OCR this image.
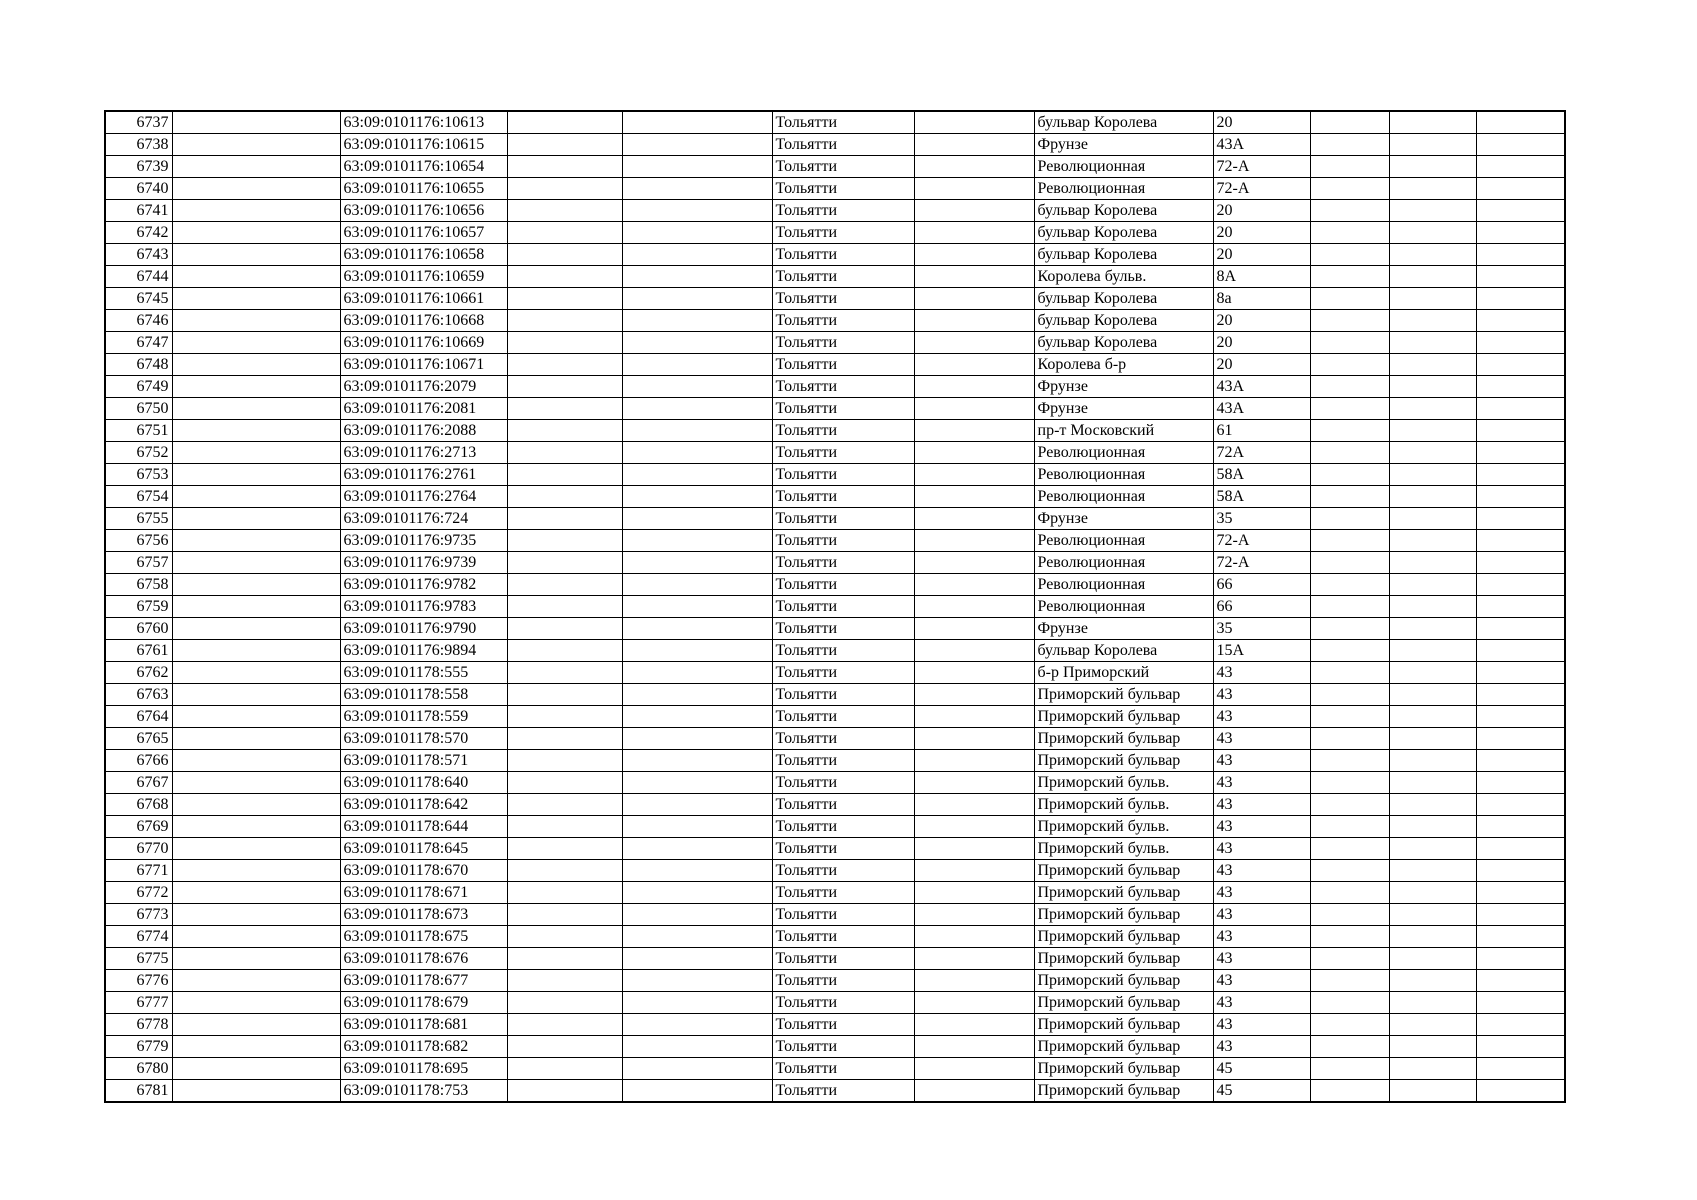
6737		63:09:0101176:10613			Тольятти		бульвар Королева	20			
6738		63:09:0101176:10615			Тольятти		Фрунзе	43А			
6739		63:09:0101176:10654			Тольятти		Революционная	72-А			
6740		63:09:0101176:10655			Тольятти		Революционная	72-А			
6741		63:09:0101176:10656			Тольятти		бульвар Королева	20			
6742		63:09:0101176:10657			Тольятти		бульвар Королева	20			
6743		63:09:0101176:10658			Тольятти		бульвар Королева	20			
6744		63:09:0101176:10659			Тольятти		Королева бульв.	8А			
6745		63:09:0101176:10661			Тольятти		бульвар Королева	8а			
6746		63:09:0101176:10668			Тольятти		бульвар Королева	20			
6747		63:09:0101176:10669			Тольятти		бульвар Королева	20			
6748		63:09:0101176:10671			Тольятти		Королева б-р	20			
6749		63:09:0101176:2079			Тольятти		Фрунзе	43А			
6750		63:09:0101176:2081			Тольятти		Фрунзе	43А			
6751		63:09:0101176:2088			Тольятти		пр-т Московский	61			
6752		63:09:0101176:2713			Тольятти		Революционная	72А			
6753		63:09:0101176:2761			Тольятти		Революционная	58А			
6754		63:09:0101176:2764			Тольятти		Революционная	58А			
6755		63:09:0101176:724			Тольятти		Фрунзе	35			
6756		63:09:0101176:9735			Тольятти		Революционная	72-А			
6757		63:09:0101176:9739			Тольятти		Революционная	72-А			
6758		63:09:0101176:9782			Тольятти		Революционная	66			
6759		63:09:0101176:9783			Тольятти		Революционная	66			
6760		63:09:0101176:9790			Тольятти		Фрунзе	35			
6761		63:09:0101176:9894			Тольятти		бульвар Королева	15А			
6762		63:09:0101178:555			Тольятти		б-р Приморский	43			
6763		63:09:0101178:558			Тольятти		Приморский бульвар	43			
6764		63:09:0101178:559			Тольятти		Приморский бульвар	43			
6765		63:09:0101178:570			Тольятти		Приморский бульвар	43			
6766		63:09:0101178:571			Тольятти		Приморский бульвар	43			
6767		63:09:0101178:640			Тольятти		Приморский бульв.	43			
6768		63:09:0101178:642			Тольятти		Приморский бульв.	43			
6769		63:09:0101178:644			Тольятти		Приморский бульв.	43			
6770		63:09:0101178:645			Тольятти		Приморский бульв.	43			
6771		63:09:0101178:670			Тольятти		Приморский бульвар	43			
6772		63:09:0101178:671			Тольятти		Приморский бульвар	43			
6773		63:09:0101178:673			Тольятти		Приморский бульвар	43			
6774		63:09:0101178:675			Тольятти		Приморский бульвар	43			
6775		63:09:0101178:676			Тольятти		Приморский бульвар	43			
6776		63:09:0101178:677			Тольятти		Приморский бульвар	43			
6777		63:09:0101178:679			Тольятти		Приморский бульвар	43			
6778		63:09:0101178:681			Тольятти		Приморский бульвар	43			
6779		63:09:0101178:682			Тольятти		Приморский бульвар	43			
6780		63:09:0101178:695			Тольятти		Приморский бульвар	45			
6781		63:09:0101178:753			Тольятти		Приморский бульвар	45			
